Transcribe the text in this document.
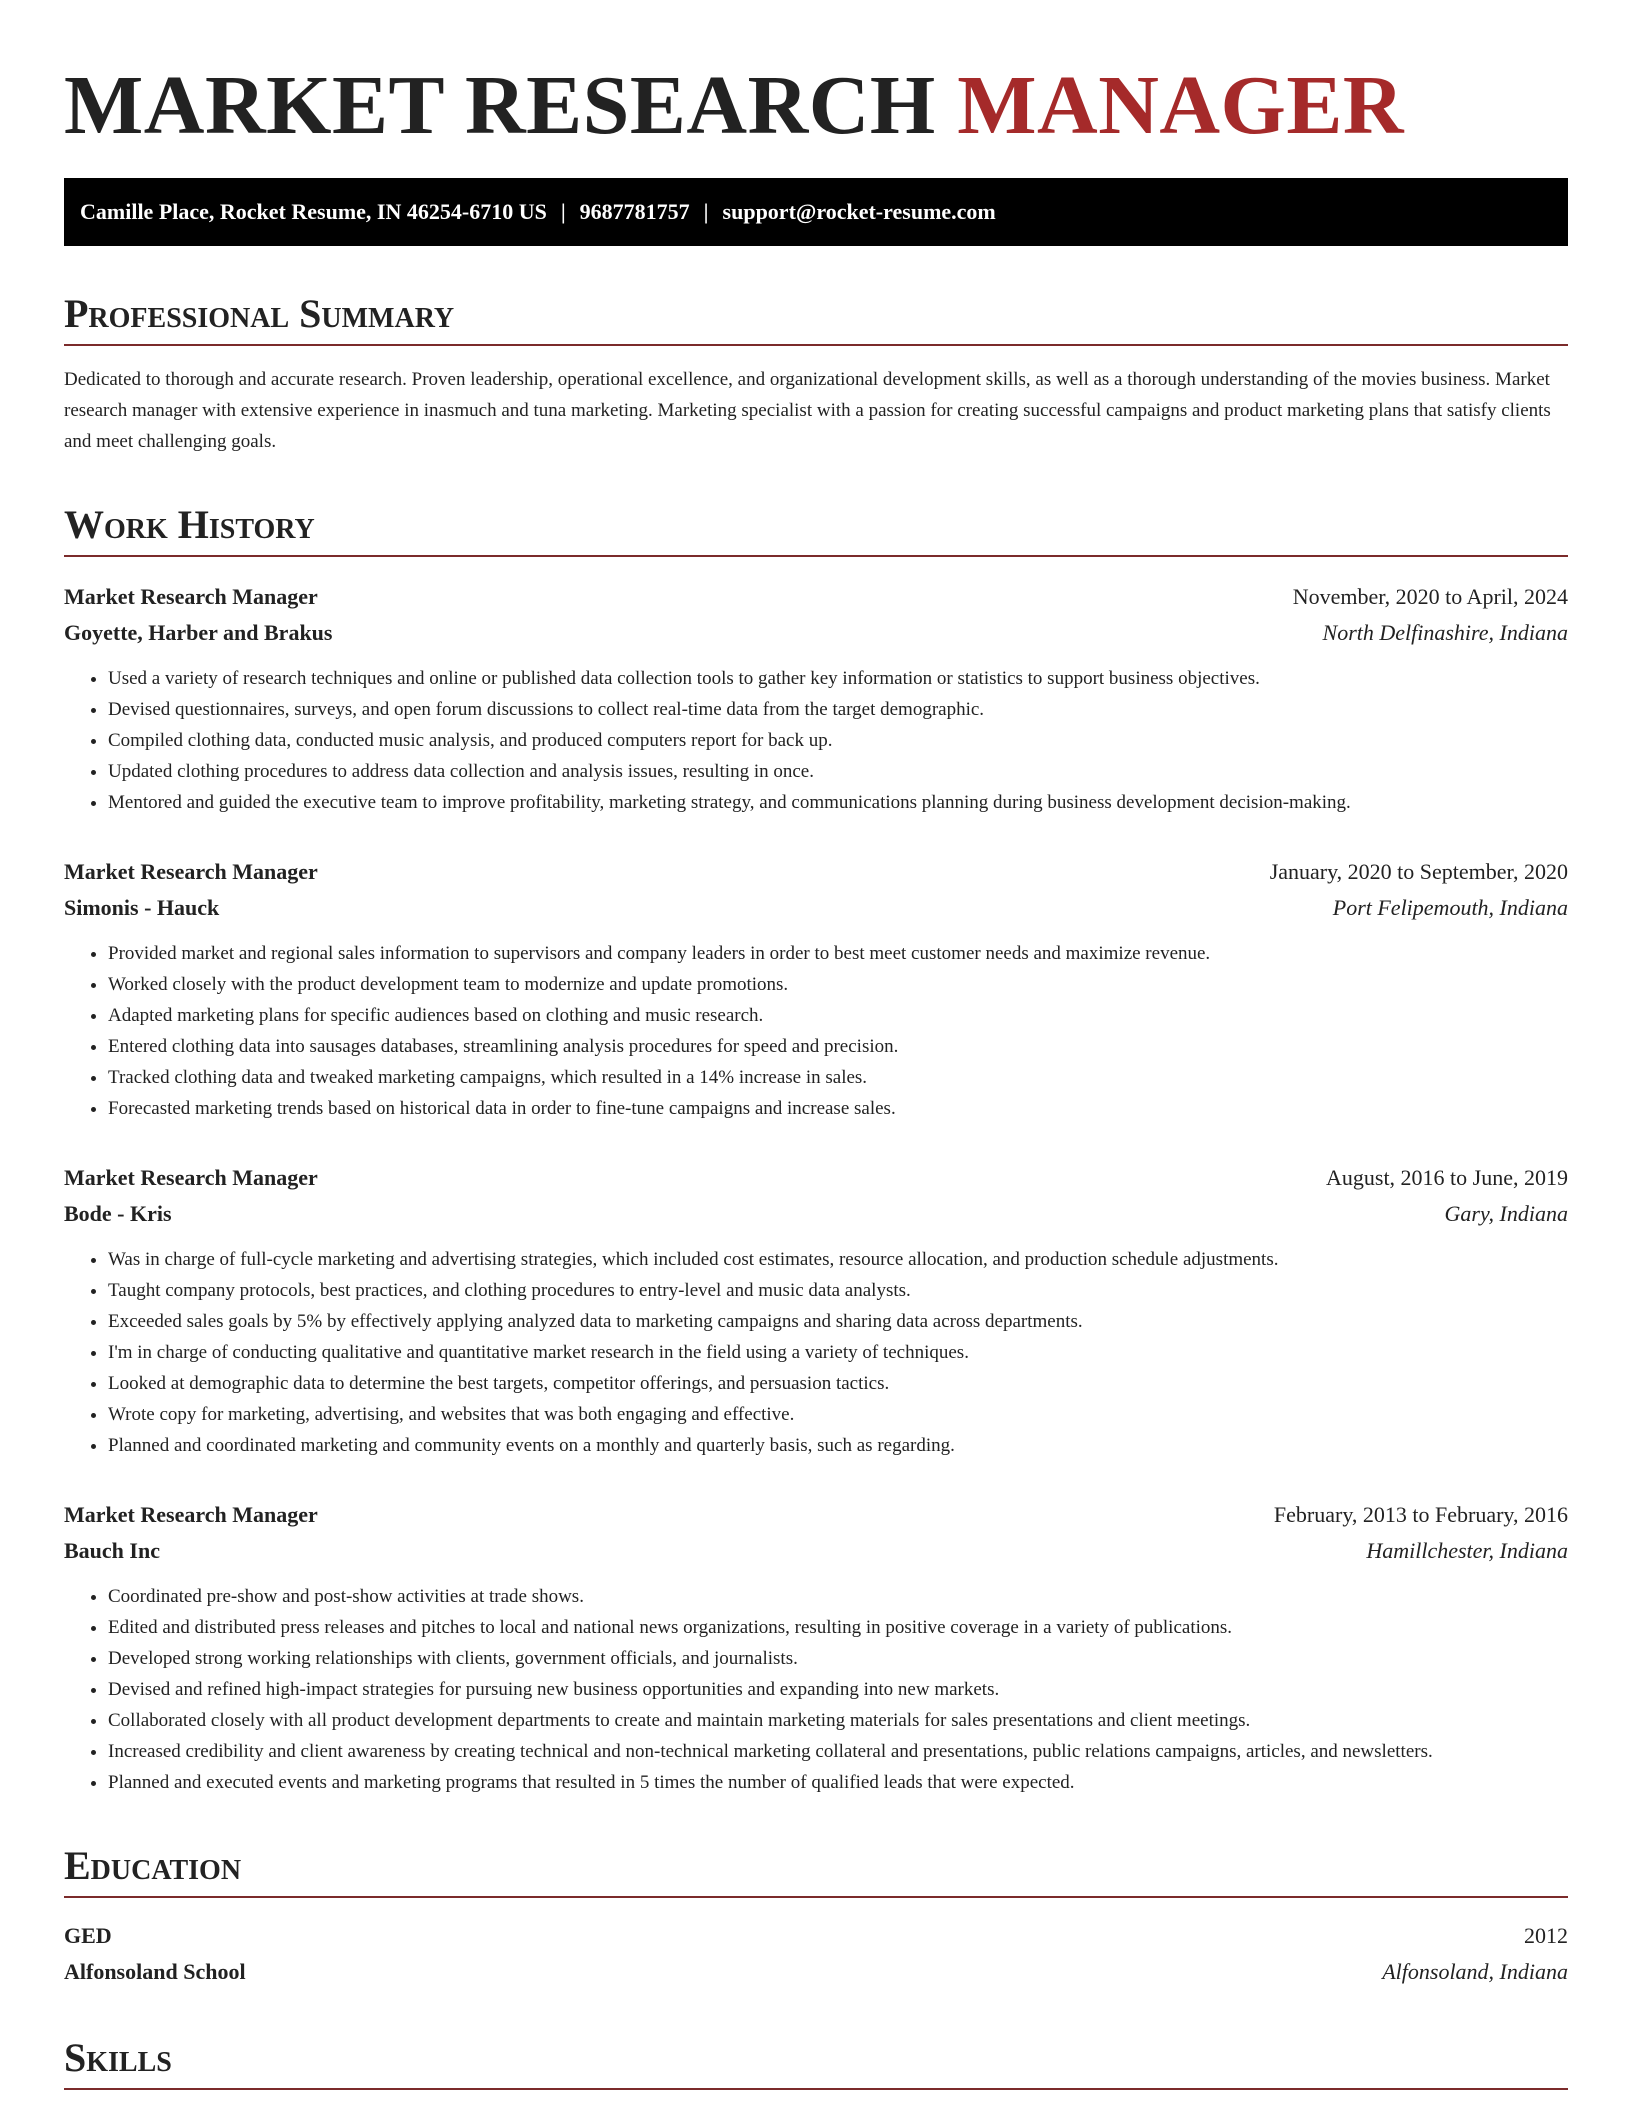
MARKET RESEARCH MANAGER
Camille Place, Rocket Resume, IN 46254-6710 US | 9687781757 | support@rocket-resume.com
Professional Summary

Dedicated to thorough and accurate research. Proven leadership, operational excellence, and organizational development skills, as well as a thorough understanding of the movies business. Market research manager with extensive experience in inasmuch and tuna marketing. Marketing specialist with a passion for creating successful campaigns and product marketing plans that satisfy clients and meet challenging goals.

Work History
Market Research Manager	November, 2020 to April, 2024
Goyette, Harber and Brakus	North Delfinashire, Indiana
• Used a variety of research techniques and online or published data collection tools to gather key information or statistics to support business objectives.
• Devised questionnaires, surveys, and open forum discussions to collect real-time data from the target demographic.
• Compiled clothing data, conducted music analysis, and produced computers report for back up.
• Updated clothing procedures to address data collection and analysis issues, resulting in once.
• Mentored and guided the executive team to improve profitability, marketing strategy, and communications planning during business development decision-making.
Market Research Manager	January, 2020 to September, 2020
Simonis - Hauck	Port Felipemouth, Indiana
• Provided market and regional sales information to supervisors and company leaders in order to best meet customer needs and maximize revenue.
• Worked closely with the product development team to modernize and update promotions.
• Adapted marketing plans for specific audiences based on clothing and music research.
• Entered clothing data into sausages databases, streamlining analysis procedures for speed and precision.
• Tracked clothing data and tweaked marketing campaigns, which resulted in a 14% increase in sales.
• Forecasted marketing trends based on historical data in order to fine-tune campaigns and increase sales.
Market Research Manager	August, 2016 to June, 2019
Bode - Kris	Gary, Indiana
• Was in charge of full-cycle marketing and advertising strategies, which included cost estimates, resource allocation, and production schedule adjustments.
• Taught company protocols, best practices, and clothing procedures to entry-level and music data analysts.
• Exceeded sales goals by 5% by effectively applying analyzed data to marketing campaigns and sharing data across departments.
• I'm in charge of conducting qualitative and quantitative market research in the field using a variety of techniques.
• Looked at demographic data to determine the best targets, competitor offerings, and persuasion tactics.
• Wrote copy for marketing, advertising, and websites that was both engaging and effective.
• Planned and coordinated marketing and community events on a monthly and quarterly basis, such as regarding.
Market Research Manager	February, 2013 to February, 2016
Bauch Inc	Hamillchester, Indiana
• Coordinated pre-show and post-show activities at trade shows.
• Edited and distributed press releases and pitches to local and national news organizations, resulting in positive coverage in a variety of publications.
• Developed strong working relationships with clients, government officials, and journalists.
• Devised and refined high-impact strategies for pursuing new business opportunities and expanding into new markets.
• Collaborated closely with all product development departments to create and maintain marketing materials for sales presentations and client meetings.
• Increased credibility and client awareness by creating technical and non-technical marketing collateral and presentations, public relations campaigns, articles, and newsletters.
• Planned and executed events and marketing programs that resulted in 5 times the number of qualified leads that were expected.
Education
GED	2012
Alfonsoland School	Alfonsoland, Indiana
Skills
